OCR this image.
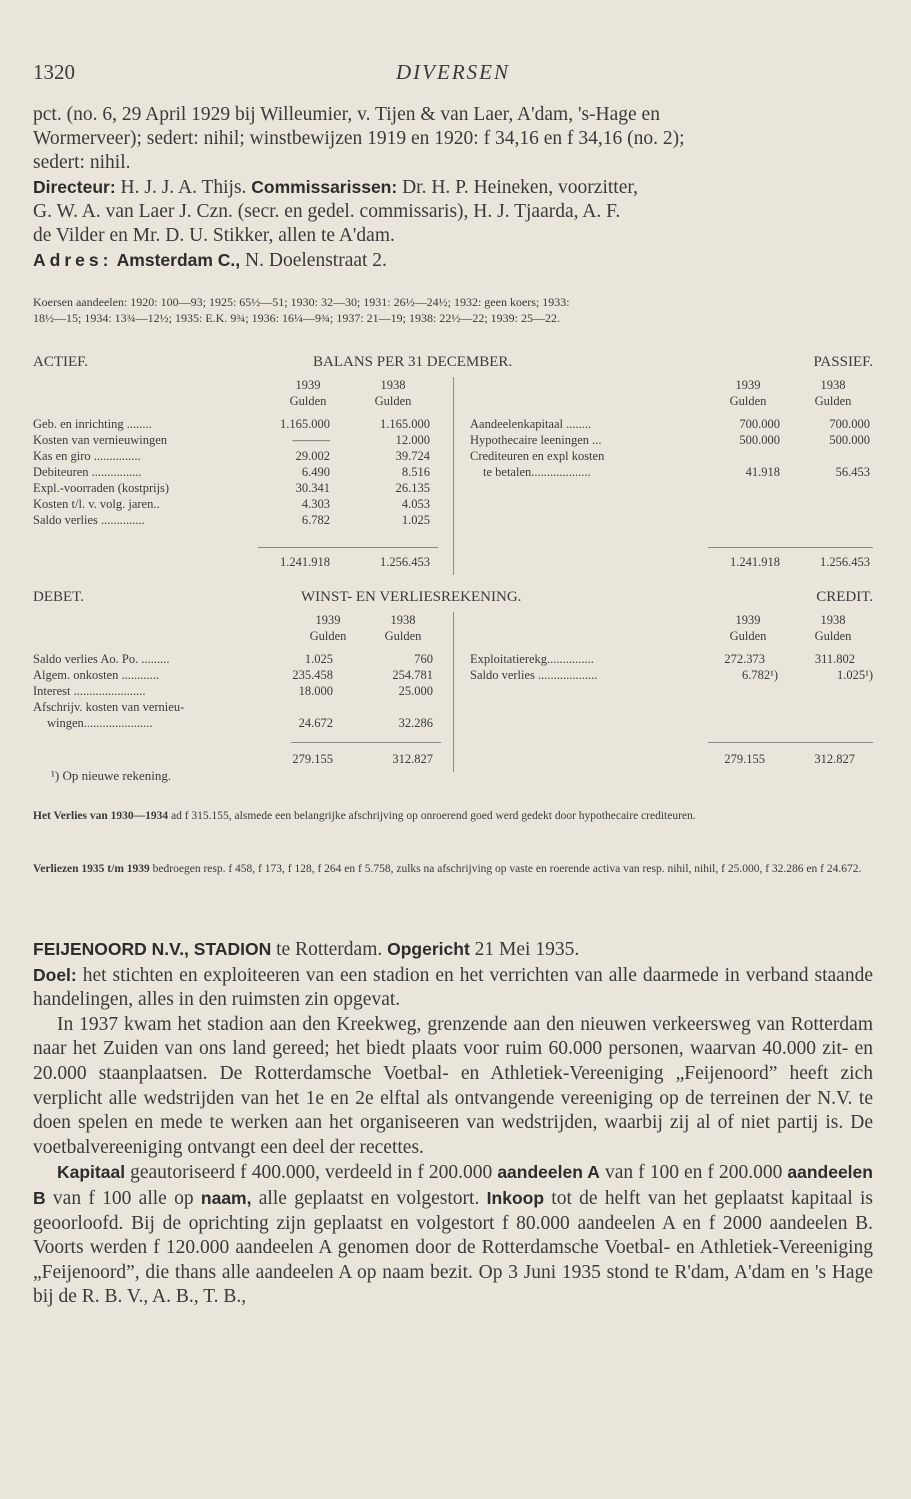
1320	DIVERSEN

pct. (no. 6, 29 April 1929 bij Willeumier, v. Tijen & van Laer, A'dam, 's-Hage en

Wormerveer); sedert: nihil; winstbewijzen 1919 en 1920: f 34,16 en f 34,16 (no. 2);

sedert: nihil.

Directeur: H. J. J. A. Thijs. Commissarissen: Dr. H. P. Heineken, voorzitter,

G. W. A. van Laer J. Czn. (secr. en gedel. commissaris), H. J. Tjaarda, A. F.

de Vilder en Mr. D. U. Stikker, allen te A'dam.

Adres: Amsterdam C., N. Doelenstraat 2.

Koersen aandeelen: 1920: 100—93; 1925: 65½—51; 1930: 32—30; 1931: 26½—24½; 1932: geen koers; 1933:
18½—15; 1934: 13¾—12½; 1935: E.K. 9¾; 1936: 16¼—9¾; 1937: 21—19; 1938: 22½—22; 1939: 25—22.
ACTIEF.	BALANS PER 31 DECEMBER.	PASSIEF.
1939	1938
Gulden	Gulden
1939	1938
Gulden	Gulden
Geb. en inrichting ........	1.165.000	1.165.000
Kosten van vernieuwingen	———	12.000
Kas en giro ...............	29.002	39.724
Debiteuren ................	6.490	8.516
Expl.-voorraden (kostprijs)	30.341	26.135
Kosten t/l. v. volg. jaren..	4.303	4.053
Saldo verlies ..............	6.782	1.025
1.241.918	1.256.453
Aandeelenkapitaal ........	700.000	700.000
Hypothecaire leeningen ...	500.000	500.000
Crediteuren en expl kosten
te betalen...................	41.918	56.453
1.241.918	1.256.453
DEBET.	WINST- EN VERLIESREKENING.	CREDIT.
1939	1938
Gulden	Gulden
1939	1938
Gulden	Gulden
Saldo verlies Ao. Po. .........	1.025	760
Algem. onkosten ............	235.458	254.781
Interest .......................	18.000	25.000
Afschrijv. kosten van vernieu-
wingen......................	24.672	32.286
279.155	312.827
Exploitatierekg...............	272.373	311.802
Saldo verlies ...................	6.782¹)	1.025¹)
279.155	312.827
¹) Op nieuwe rekening.
Het Verlies van 1930—1934 ad f 315.155, alsmede een belangrijke afschrijving op onroerend goed werd gedekt door hypothecaire crediteuren.
Verliezen 1935 t/m 1939 bedroegen resp. f 458, f 173, f 128, f 264 en f 5.758, zulks na afschrijving op vaste en roerende activa van resp. nihil, nihil, f 25.000, f 32.286 en f 24.672.

FEIJENOORD N.V., STADION te Rotterdam. Opgericht 21 Mei 1935.

Doel: het stichten en exploiteeren van een stadion en het verrichten van alle daarmede in verband staande handelingen, alles in den ruimsten zin opgevat.

In 1937 kwam het stadion aan den Kreekweg, grenzende aan den nieuwen verkeersweg van Rotterdam naar het Zuiden van ons land gereed; het biedt plaats voor ruim 60.000 personen, waarvan 40.000 zit- en 20.000 staanplaatsen. De Rotterdamsche Voetbal- en Athletiek-Vereeniging „Feijenoord” heeft zich verplicht alle wedstrijden van het 1e en 2e elftal als ontvangende vereeniging op de terreinen der N.V. te doen spelen en mede te werken aan het organiseeren van wedstrijden, waarbij zij al of niet partij is. De voetbalvereeniging ontvangt een deel der recettes.

Kapitaal geautoriseerd f 400.000, verdeeld in f 200.000 aandeelen A van f 100 en f 200.000 aandeelen B van f 100 alle op naam, alle geplaatst en volgestort. Inkoop tot de helft van het geplaatst kapitaal is geoorloofd. Bij de oprichting zijn geplaatst en volgestort f 80.000 aandeelen A en f 2000 aandeelen B. Voorts werden f 120.000 aandeelen A genomen door de Rotterdamsche Voetbal- en Athletiek-Vereeniging „Feijenoord”, die thans alle aandeelen A op naam bezit. Op 3 Juni 1935 stond te R'dam, A'dam en 's Hage bij de R. B. V., A. B., T. B.,
